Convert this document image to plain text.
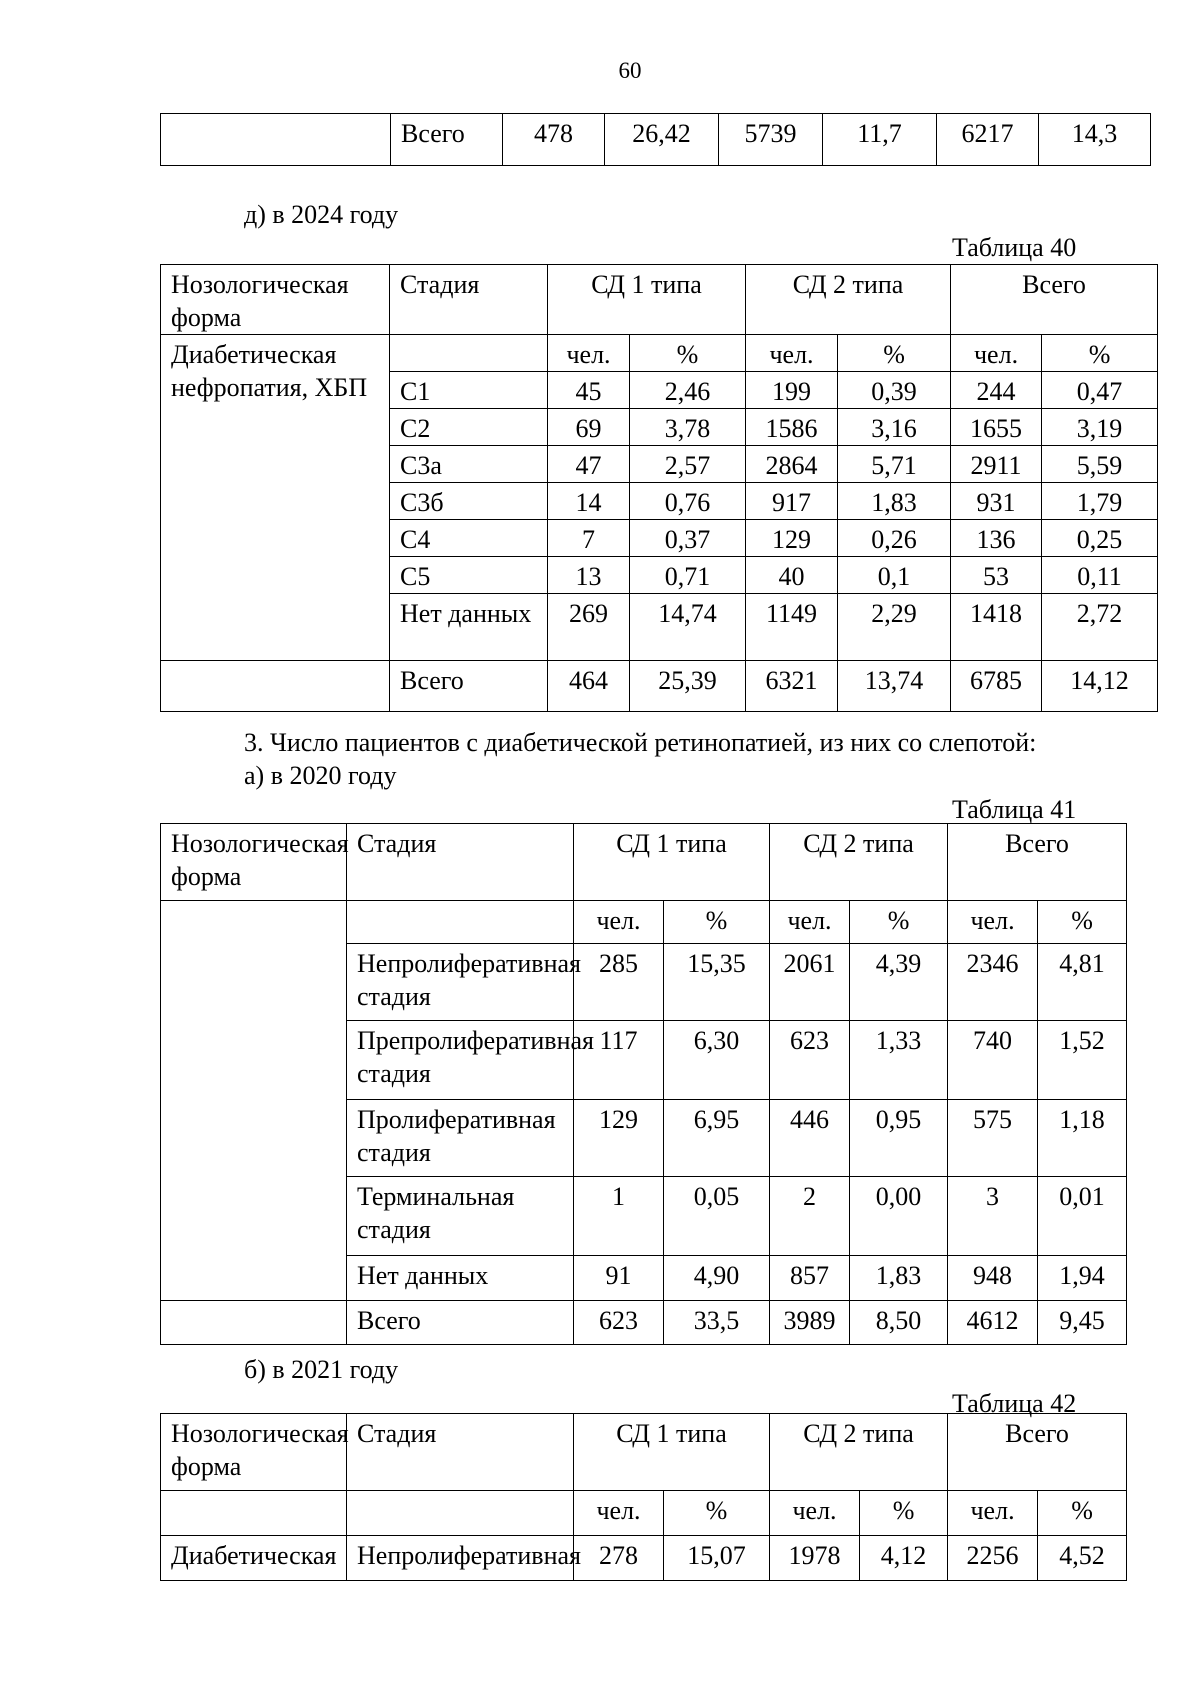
60
	Всего	478	26,42	5739	11,7	6217	14,3
д) в 2024 году
Таблица 40
Нозологическая форма	Стадия	СД 1 типа		СД 2 типа		Всего	
Диабетическая нефропатия, ХБП		чел.	%	чел.	%	чел.	%
	С1	45	2,46	199	0,39	244	0,47
	С2	69	3,78	1586	3,16	1655	3,19
	С3а	47	2,57	2864	5,71	2911	5,59
	С3б	14	0,76	917	1,83	931	1,79
	С4	7	0,37	129	0,26	136	0,25
	С5	13	0,71	40	0,1	53	0,11
	Нет данных	269	14,74	1149	2,29	1418	2,72
	Всего	464	25,39	6321	13,74	6785	14,12
3. Число пациентов с диабетической ретинопатией, из них со слепотой:
а) в 2020 году
Таблица 41
Нозологическая форма	Стадия	СД 1 типа		СД 2 типа		Всего	
		чел.	%	чел.	%	чел.	%
	Непролиферативная стадия	285	15,35	2061	4,39	2346	4,81
	Препролиферативная стадия	117	6,30	623	1,33	740	1,52
	Пролиферативная стадия	129	6,95	446	0,95	575	1,18
	Терминальная стадия	1	0,05	2	0,00	3	0,01
	Нет данных	91	4,90	857	1,83	948	1,94
	Всего	623	33,5	3989	8,50	4612	9,45
б) в 2021 году
Таблица 42
Нозологическая форма	Стадия	СД 1 типа		СД 2 типа		Всего	
		чел.	%	чел.	%	чел.	%
Диабетическая	Непролиферативная	278	15,07	1978	4,12	2256	4,52
